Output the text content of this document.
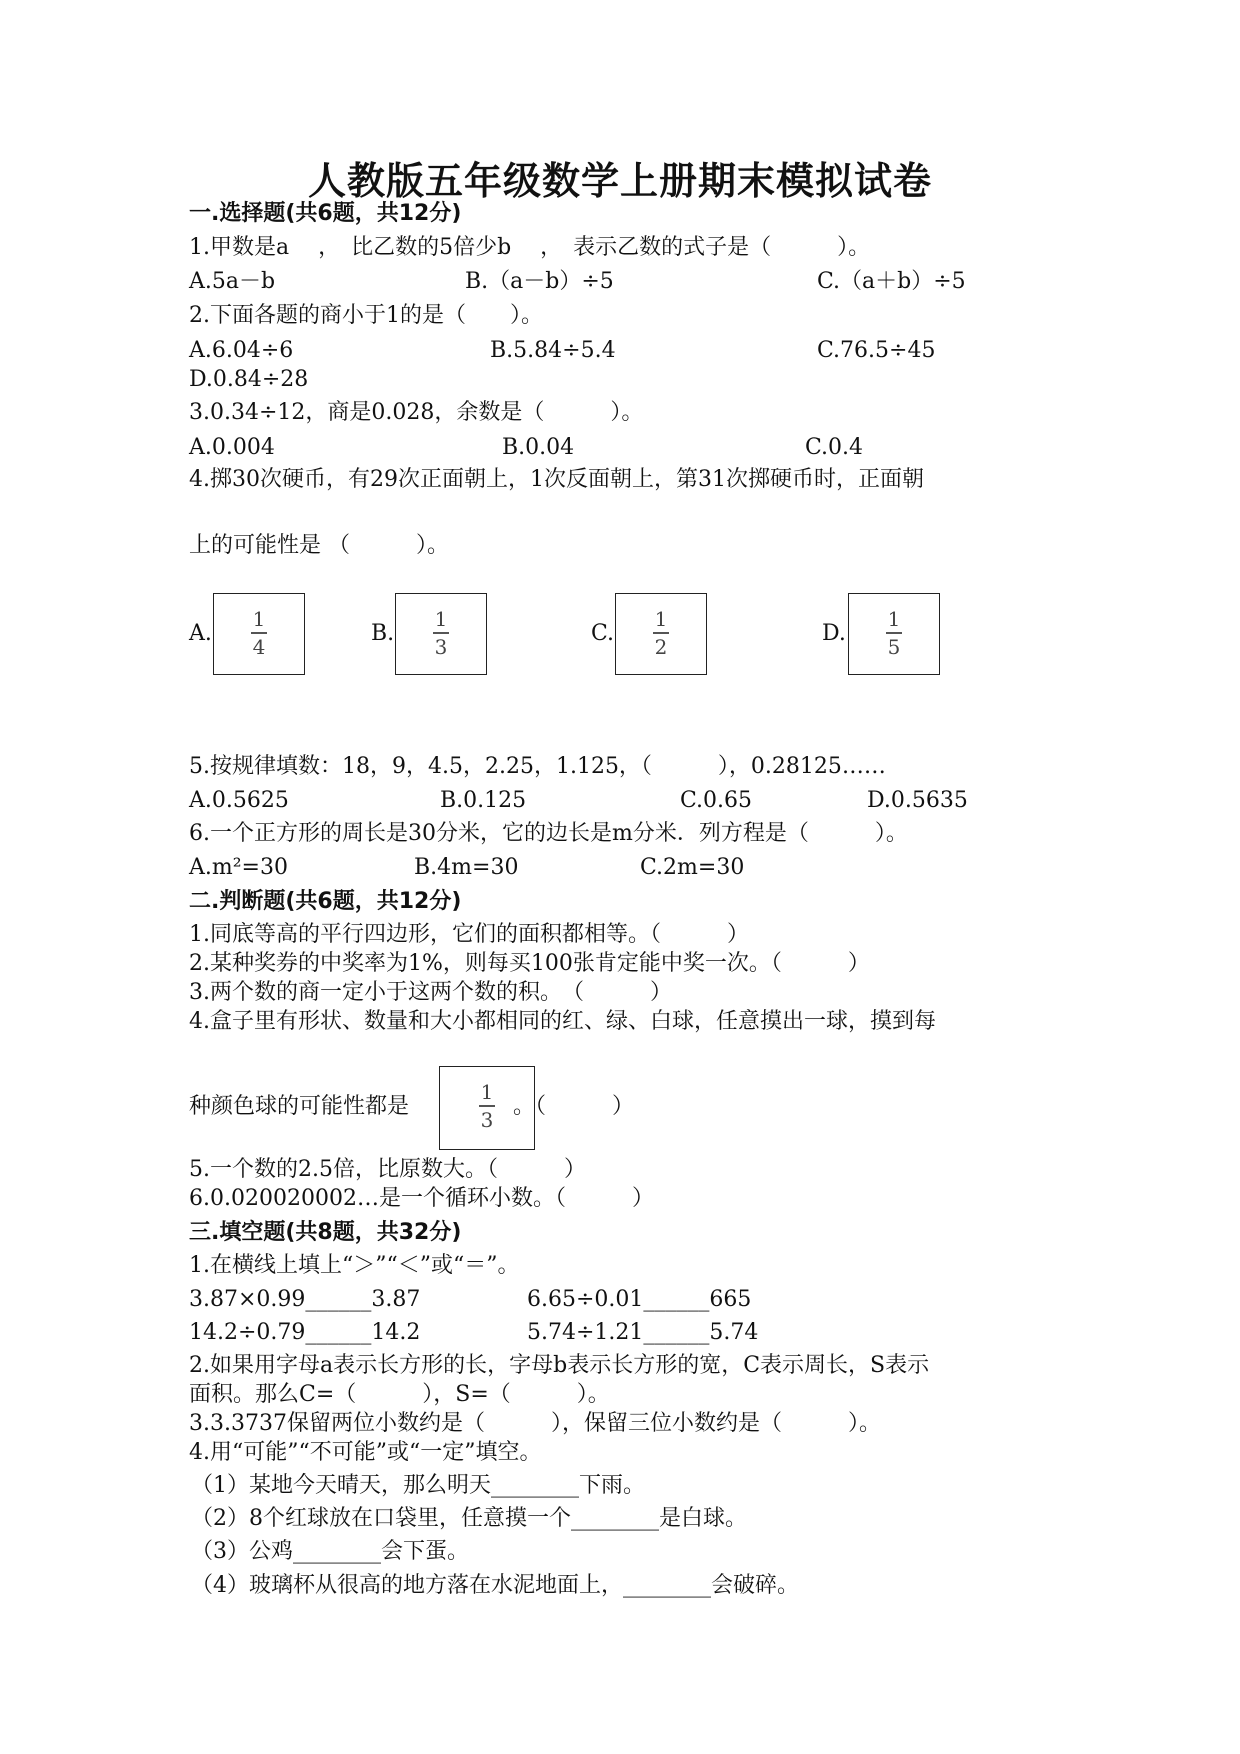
人教版五年级数学上册期末模拟试卷
一.选择题(共6题，共12分)
1.甲数是a　 ，　比乙数的5倍少b　 ，　表示乙数的式子是（　　　）。
A.5a－b	B.（a－b）÷5	C.（a＋b）÷5
2.下面各题的商小于1的是（　　）。
A.6.04÷6	B.5.84÷5.4	C.76.5÷45
D.0.84÷28
3.0.34÷12，商是0.028，余数是（　　　）。
A.0.004	B.0.04	C.0.4
4.掷30次硬币，有29次正面朝上，1次反面朝上，第31次掷硬币时，正面朝
上的可能性是 （　　　）。
A.
1
4
B.
1
3
C.
1
2
D.
1
5
5.按规律填数：18，9，4.5，2.25，1.125，（　　　），0.28125……
A.0.5625	B.0.125	C.0.65	D.0.5635
6.一个正方形的周长是30分米，它的边长是m分米．列方程是（　　　）。
A.m²=30	B.4m=30	C.2m=30
二.判断题(共6题，共12分)
1.同底等高的平行四边形，它们的面积都相等。（　　　）
2.某种奖券的中奖率为1%，则每买100张肯定能中奖一次。（　　　）
3.两个数的商一定小于这两个数的积。　（　　　）
4.盒子里有形状、数量和大小都相同的红、绿、白球，任意摸出一球，摸到每
种颜色球的可能性都是	。（　　　）
1
3
5.一个数的2.5倍，比原数大。（　　　）
6.0.020020002…是一个循环小数。（　　　）
三.填空题(共8题，共32分)
1.在横线上填上“＞”“＜”或“＝”。
3.87×0.99______3.87	6.65÷0.01______665
14.2÷0.79______14.2	5.74÷1.21______5.74
2.如果用字母a表示长方形的长，字母b表示长方形的宽，C表示周长，S表示
面积。那么C=（　　　），S=（　　　）。
3.3.3737保留两位小数约是（　　　），保留三位小数约是（　　　）。
4.用“可能”“不可能”或“一定”填空。
（1）某地今天晴天，那么明天________下雨。
（2）8个红球放在口袋里，任意摸一个________是白球。
（3）公鸡________会下蛋。
（4）玻璃杯从很高的地方落在水泥地面上，________会破碎。
